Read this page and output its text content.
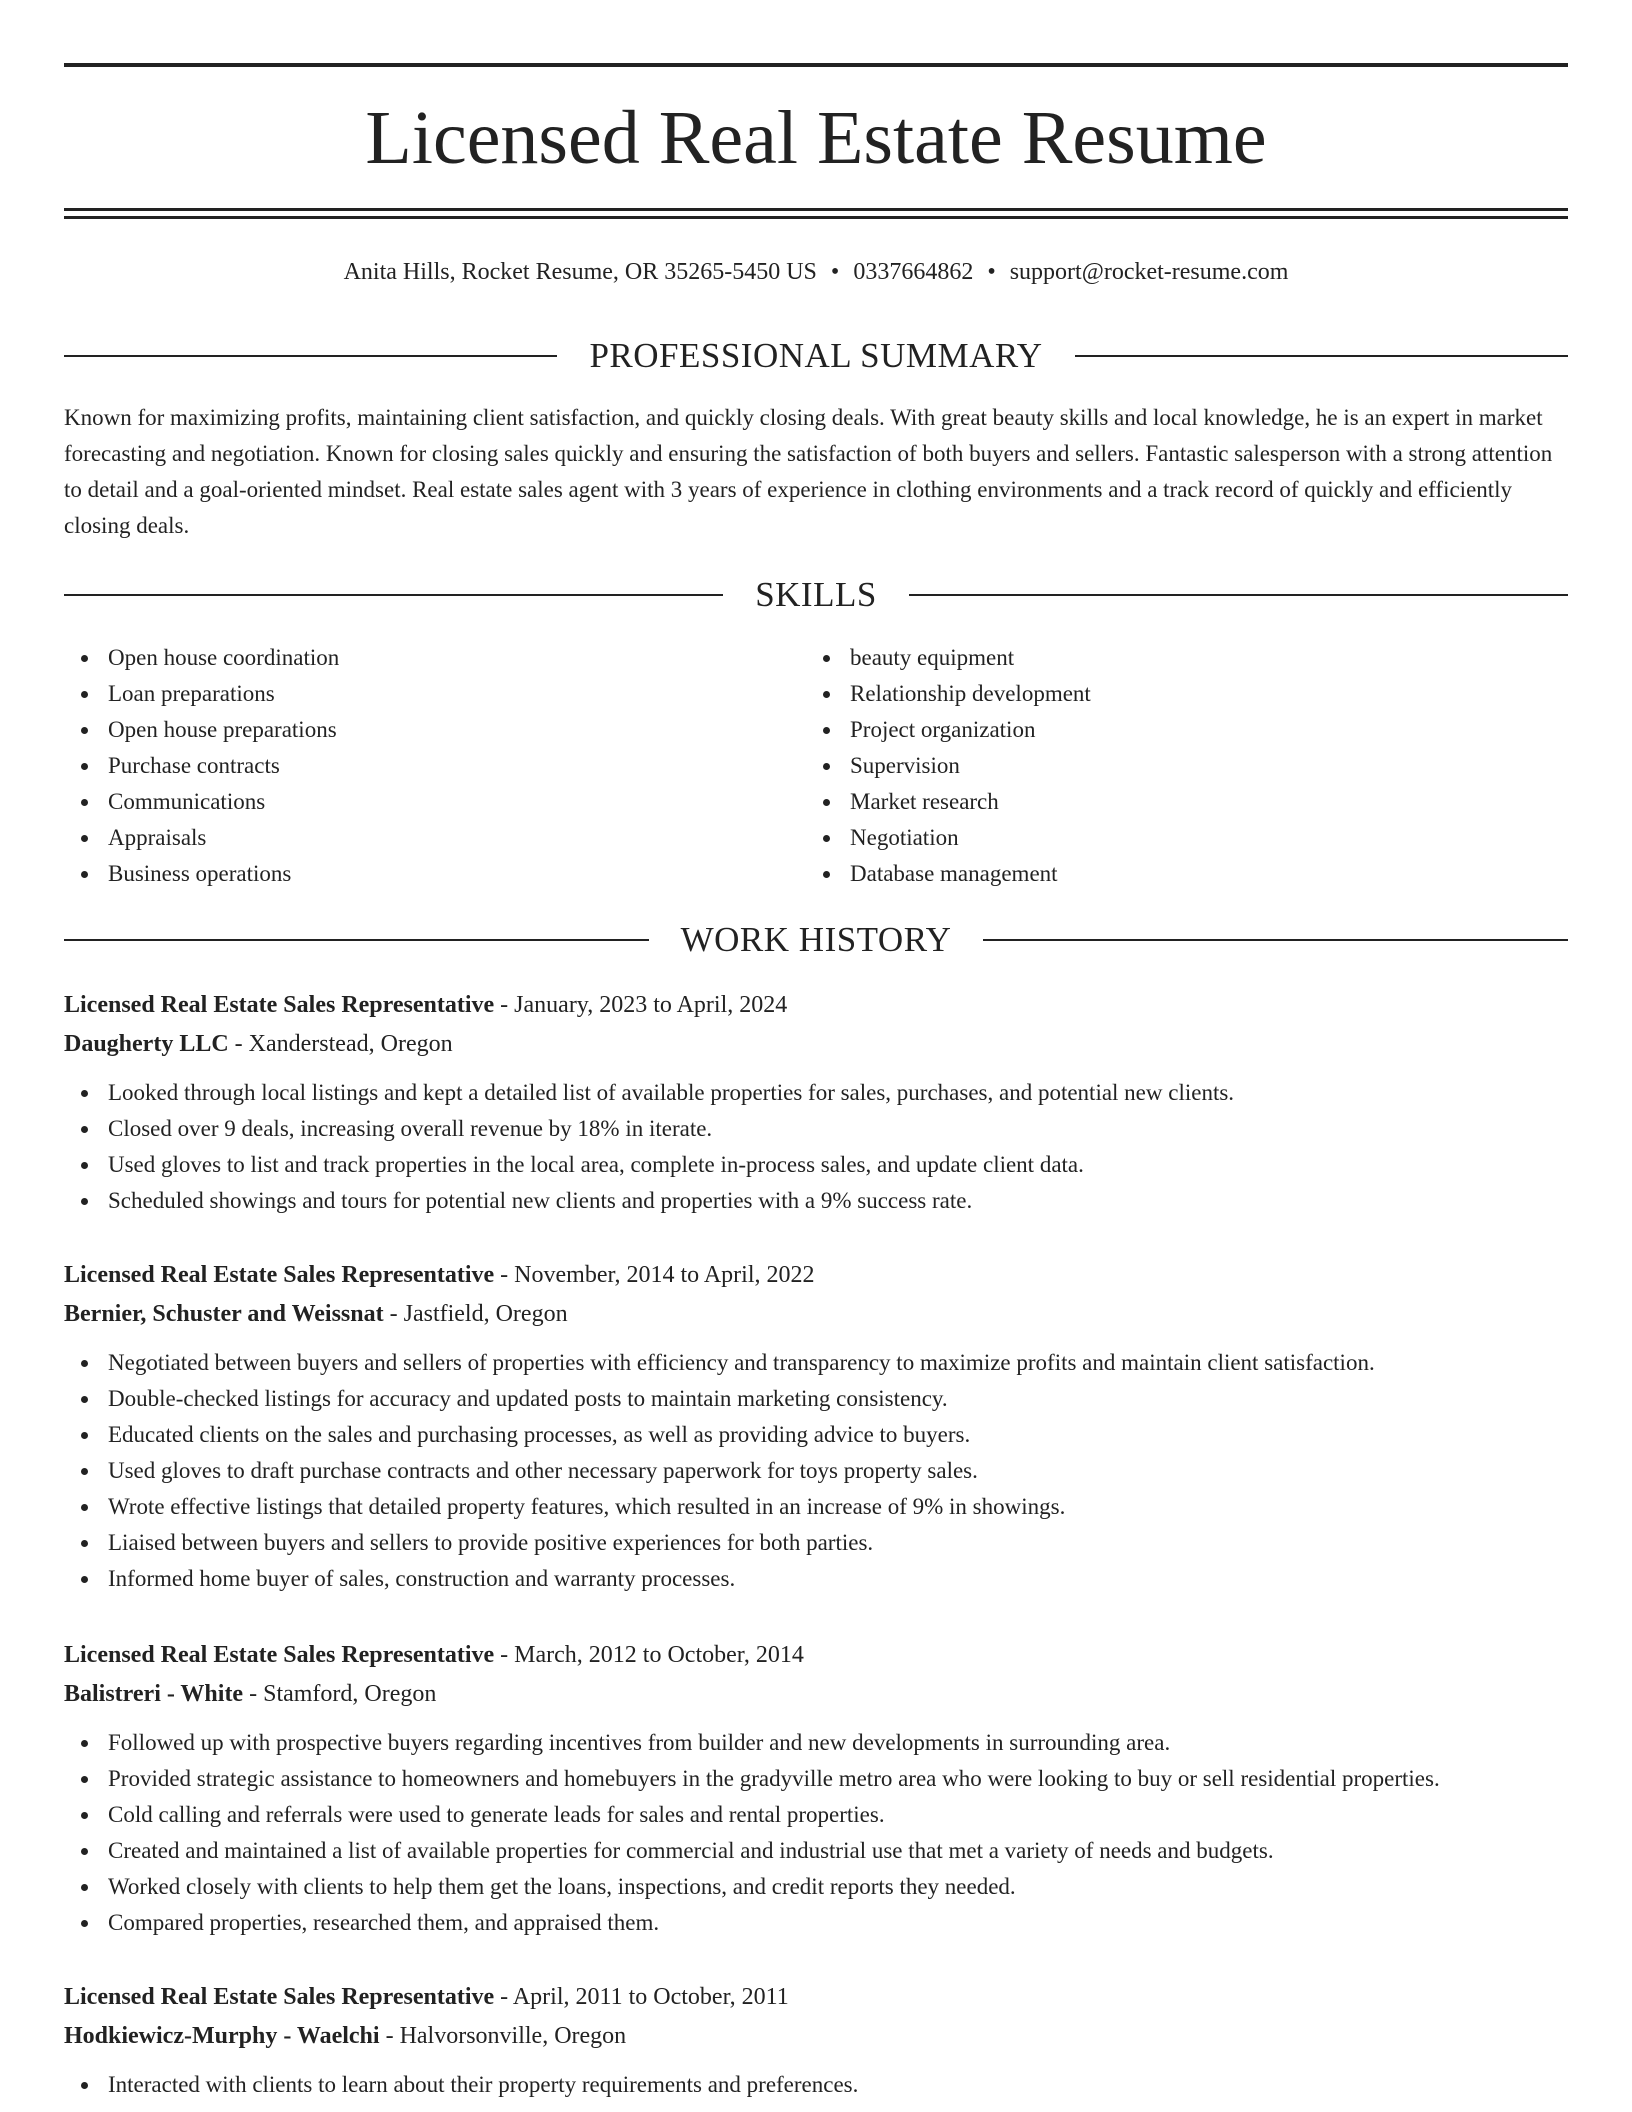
Licensed Real Estate Resume
Anita Hills, Rocket Resume, OR 35265-5450 US • 0337664862 • support@rocket-resume.com
PROFESSIONAL SUMMARY

Known for maximizing profits, maintaining client satisfaction, and quickly closing deals. With great beauty skills and local knowledge, he is an expert in market forecasting and negotiation. Known for closing sales quickly and ensuring the satisfaction of both buyers and sellers. Fantastic salesperson with a strong attention to detail and a goal-oriented mindset. Real estate sales agent with 3 years of experience in clothing environments and a track record of quickly and efficiently closing deals.

SKILLS
Open house coordination
Loan preparations
Open house preparations
Purchase contracts
Communications
Appraisals
Business operations
beauty equipment
Relationship development
Project organization
Supervision
Market research
Negotiation
Database management
WORK HISTORY
Licensed Real Estate Sales Representative - January, 2023 to April, 2024
Daugherty LLC - Xanderstead, Oregon
Looked through local listings and kept a detailed list of available properties for sales, purchases, and potential new clients.
Closed over 9 deals, increasing overall revenue by 18% in iterate.
Used gloves to list and track properties in the local area, complete in-process sales, and update client data.
Scheduled showings and tours for potential new clients and properties with a 9% success rate.
Licensed Real Estate Sales Representative - November, 2014 to April, 2022
Bernier, Schuster and Weissnat - Jastfield, Oregon
Negotiated between buyers and sellers of properties with efficiency and transparency to maximize profits and maintain client satisfaction.
Double-checked listings for accuracy and updated posts to maintain marketing consistency.
Educated clients on the sales and purchasing processes, as well as providing advice to buyers.
Used gloves to draft purchase contracts and other necessary paperwork for toys property sales.
Wrote effective listings that detailed property features, which resulted in an increase of 9% in showings.
Liaised between buyers and sellers to provide positive experiences for both parties.
Informed home buyer of sales, construction and warranty processes.
Licensed Real Estate Sales Representative - March, 2012 to October, 2014
Balistreri - White - Stamford, Oregon
Followed up with prospective buyers regarding incentives from builder and new developments in surrounding area.
Provided strategic assistance to homeowners and homebuyers in the gradyville metro area who were looking to buy or sell residential properties.
Cold calling and referrals were used to generate leads for sales and rental properties.
Created and maintained a list of available properties for commercial and industrial use that met a variety of needs and budgets.
Worked closely with clients to help them get the loans, inspections, and credit reports they needed.
Compared properties, researched them, and appraised them.
Licensed Real Estate Sales Representative - April, 2011 to October, 2011
Hodkiewicz-Murphy - Waelchi - Halvorsonville, Oregon
Interacted with clients to learn about their property requirements and preferences.
